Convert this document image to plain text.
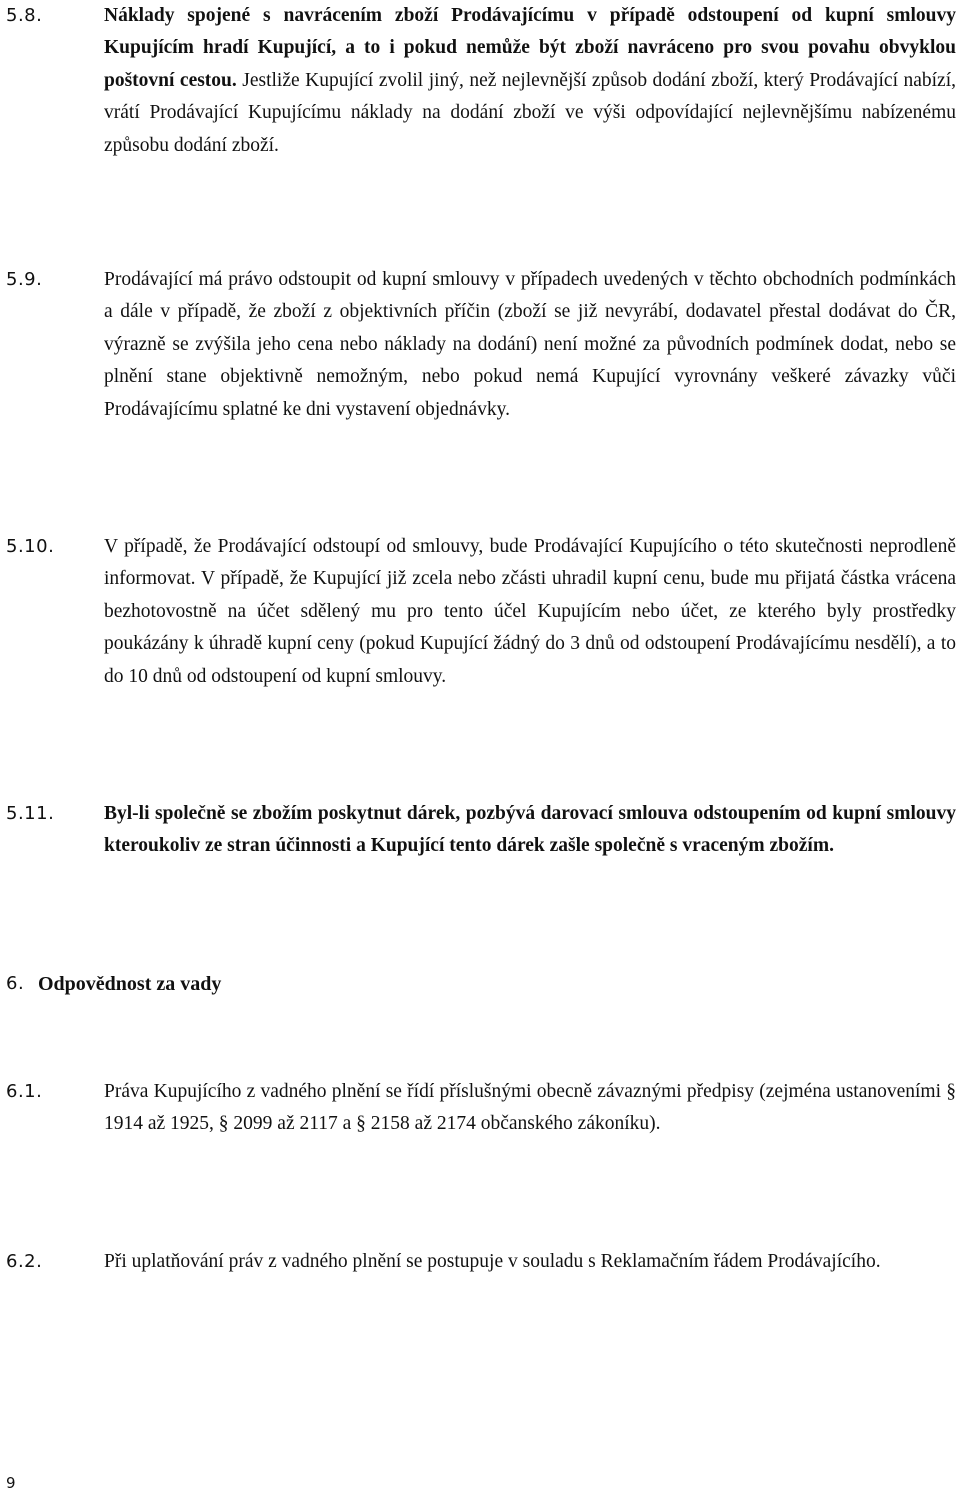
5.8.	Náklady spojené s navrácením zboží Prodávajícímu v případě odstoupení od kupní smlouvy Kupujícím hradí Kupující, a to i pokud nemůže být zboží navráceno pro svou povahu obvyklou poštovní cestou. Jestliže Kupující zvolil jiný, než nejlevnější způsob dodání zboží, který Prodávající nabízí, vrátí Prodávající Kupujícímu náklady na dodání zboží ve výši odpovídající nejlevnějšímu nabízenému způsobu dodání zboží.
5.9.	Prodávající má právo odstoupit od kupní smlouvy v případech uvedených v těchto obchodních podmínkách a dále v případě, že zboží z objektivních příčin (zboží se již nevyrábí, dodavatel přestal dodávat do ČR, výrazně se zvýšila jeho cena nebo náklady na dodání) není možné za původních podmínek dodat, nebo se plnění stane objektivně nemožným, nebo pokud nemá Kupující vyrovnány veškeré závazky vůči Prodávajícímu splatné ke dni vystavení objednávky.
5.10.	V případě, že Prodávající odstoupí od smlouvy, bude Prodávající Kupujícího o této skutečnosti neprodleně informovat. V případě, že Kupující již zcela nebo zčásti uhradil kupní cenu, bude mu přijatá částka vrácena bezhotovostně na účet sdělený mu pro tento účel Kupujícím nebo účet, ze kterého byly prostředky poukázány k úhradě kupní ceny (pokud Kupující žádný do 3 dnů od odstoupení Prodávajícímu nesdělí), a to do 10 dnů od odstoupení od kupní smlouvy.
5.11.	Byl-li společně se zbožím poskytnut dárek, pozbývá darovací smlouva odstoupením od kupní smlouvy kteroukoliv ze stran účinnosti a Kupující tento dárek zašle společně s vraceným zbožím.
6. Odpovědnost za vady
6.1.	Práva Kupujícího z vadného plnění se řídí příslušnými obecně závaznými předpisy (zejména ustanoveními § 1914 až 1925, § 2099 až 2117 a § 2158 až 2174 občanského zákoníku).
6.2.	Při uplatňování práv z vadného plnění se postupuje v souladu s Reklamačním řádem Prodávajícího.
9
